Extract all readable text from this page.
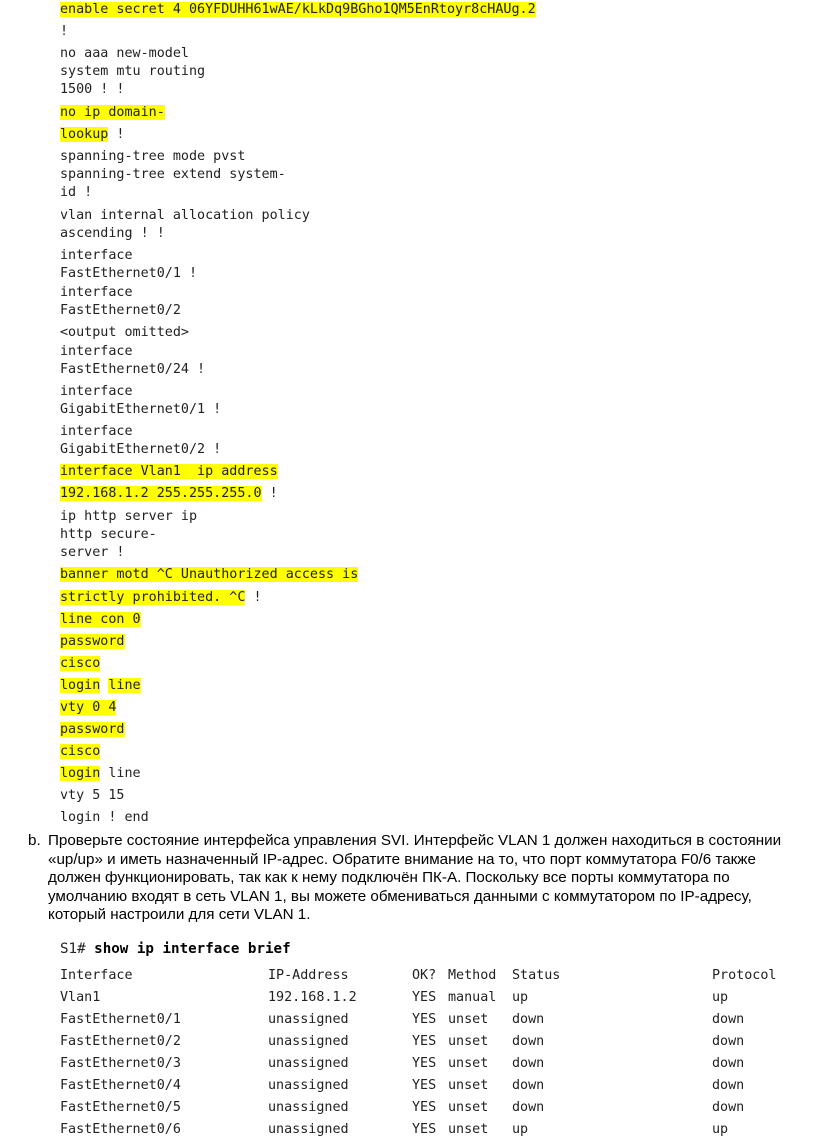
enable secret 4 06YFDUHH61wAE/kLkDq9BGho1QM5EnRtoyr8cHAUg.2
!
no aaa new-model
system mtu routing
1500 ! !
no ip domain-
lookup !
spanning-tree mode pvst
spanning-tree extend system-
id !
vlan internal allocation policy
ascending ! !
interface
FastEthernet0/1 !
interface
FastEthernet0/2
<output omitted>
interface
FastEthernet0/24 !
interface
GigabitEthernet0/1 !
interface
GigabitEthernet0/2 !
interface Vlan1  ip address
192.168.1.2 255.255.255.0 !
ip http server ip
http secure-
server !
banner motd ^C Unauthorized access is
strictly prohibited. ^C !
line con 0
password
cisco
login line
vty 0 4
password
cisco
login line
vty 5 15
login ! end
b. Проверьте состояние интерфейса управления SVI. Интерфейс VLAN 1 должен находиться в состоянии «up/up» и иметь назначенный IP-адрес. Обратите внимание на то, что порт коммутатора F0/6 также должен функционировать, так как к нему подключён ПК-A. Поскольку все порты коммутатора по умолчанию входят в сеть VLAN 1, вы можете обмениваться данными с коммутатором по IP-адресу, который настроили для сети VLAN 1.
S1# show ip interface brief
Interface	IP-Address	OK?	Method	Status	Protocol
Vlan1	192.168.1.2	YES	manual	up	up
FastEthernet0/1	unassigned	YES	unset	down	down
FastEthernet0/2	unassigned	YES	unset	down	down
FastEthernet0/3	unassigned	YES	unset	down	down
FastEthernet0/4	unassigned	YES	unset	down	down
FastEthernet0/5	unassigned	YES	unset	down	down
FastEthernet0/6	unassigned	YES	unset	up	up
